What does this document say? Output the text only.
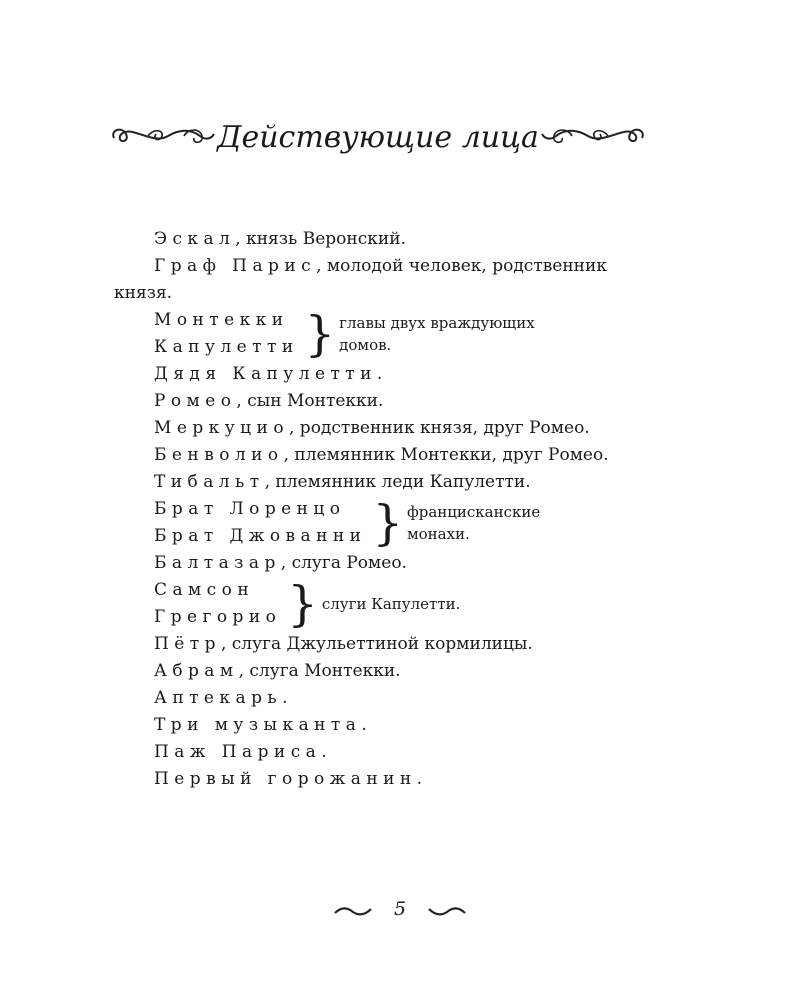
Действующие лица
Эскал, князь Веронский.
Граф Парис, молодой человек, родственник князя.
Монтекки
Капулетти } главы двух враждующих домов.
Дядя Капулетти.
Ромео, сын Монтекки.
Меркуцио, родственник князя, друг Ромео.
Бенволио, племянник Монтекки, друг Ромео.
Тибальт, племянник леди Капулетти.
Брат Лоренцо
Брат Джованни } францисканские монахи.
Балтазар, слуга Ромео.
Самсон
Грегорио } слуги Капулетти.
Пётр, слуга Джульеттиной кормилицы.
Абрам, слуга Монтекки.
Аптекарь.
Три музыканта.
Паж Париса.
Первый горожанин.
5
